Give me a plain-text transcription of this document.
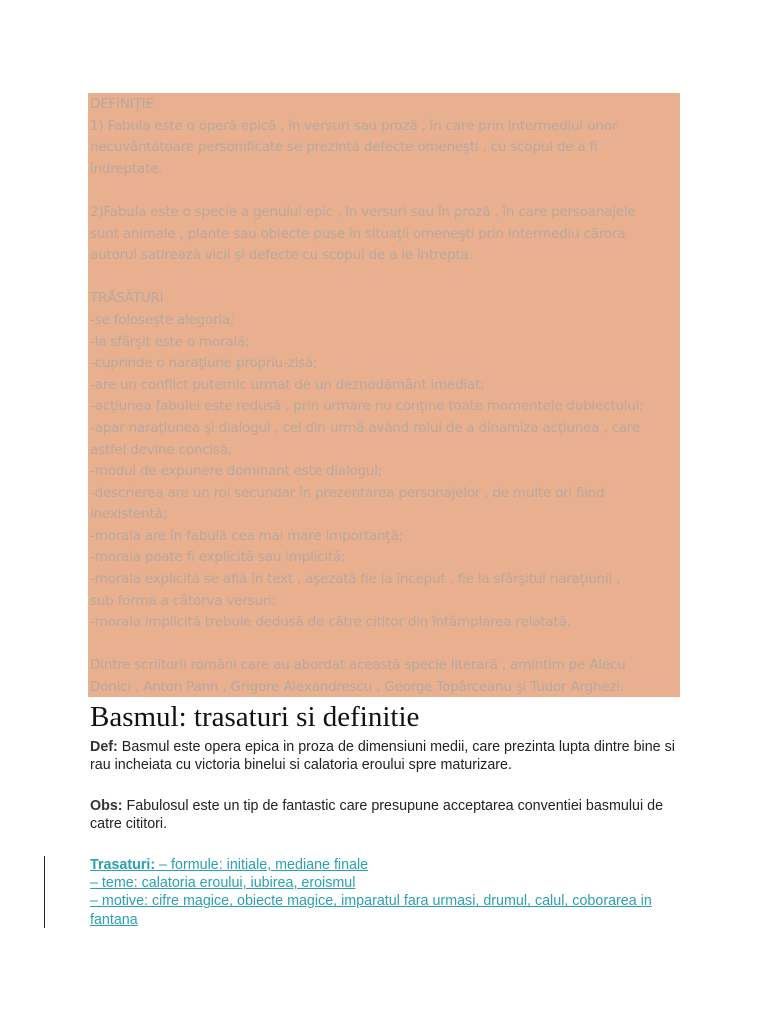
DEFINIŢIE
1) Fabula este o operă epică , în versuri sau proză , în care prin intermediul unor
necuvântătoare personificate se prezintă defecte omeneşti , cu scopul de a fi
îndreptate.
2)Fabula este o specie a genului epic , în versuri sau în proză , în care persoanajele
sunt animale , plante sau obiecte puse în situaţii omeneşti prin intermediu cărora
autorul satirează vicii şi defecte cu scopul de a le întrepta.
TRĂSĂTURI
-se foloseşte alegoria;
-la sfârşit este o morală;
-cuprinde o naraţiune propriu-zisă;
-are un conflict puternic urmat de un deznodământ imediat;
-acţiunea fabulei este redusă , prin urmare nu conţine toate momentele dubiectului;
-apar naraţiunea şi dialogul , cel din urmă având rolul de a dinamiza acţiunea , care
astfel devine concisă;
-modul de expunere dominant este dialogul;
-descrierea are un rol secundar în prezentarea personajelor , de multe ori fiind
inexistentă;
-morala are în fabulă cea mai mare importanţă;
-morala poate fi explicită sau implicită;
-morala explicită se află în text , aşezată fie la început , fie la sfârşitul naraţiunii ,
sub forma a câtorva versuri;
-morala implicită trebuie dedusă de către cititor din întâmplarea relatată.
Dintre scriitorii români care au abordat această specie literară , amintim pe Alecu
Donici , Anton Pann , Grigore Alexandrescu , George Topârceanu şi Tudor Arghezi.
Basmul: trasaturi si definitie
Def: Basmul este opera epica in proza de dimensiuni medii, care prezinta lupta dintre bine si rau incheiata cu victoria binelui si calatoria eroului spre maturizare.
Obs: Fabulosul este un tip de fantastic care presupune acceptarea conventiei basmului de catre cititori.
Trasaturi: – formule: initiale, mediane finale
– teme: calatoria eroului, iubirea, eroismul
– motive: cifre magice, obiecte magice, imparatul fara urmasi, drumul, calul, coborarea in fantana
